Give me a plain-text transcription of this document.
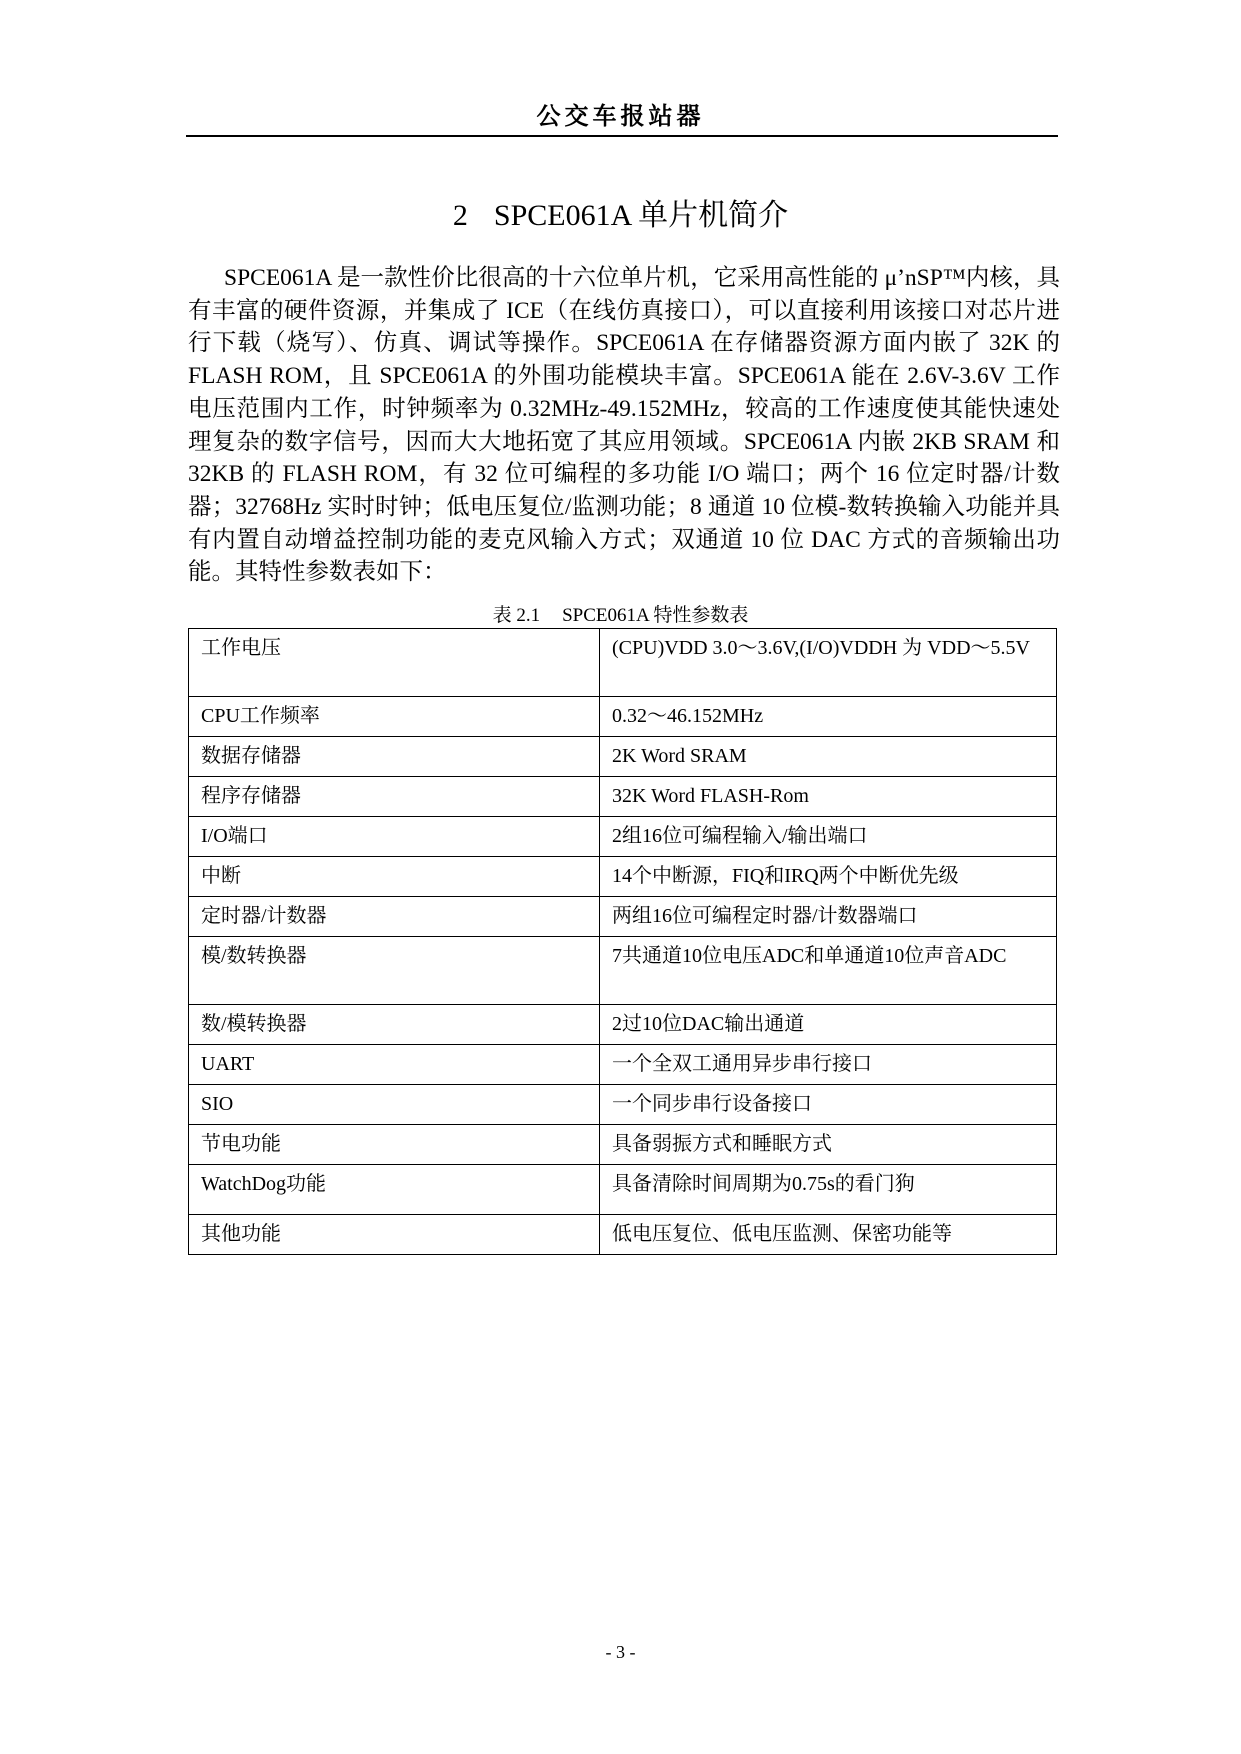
公交车报站器
2 SPCE061A 单片机简介
SPCE061A 是一款性价比很高的十六位单片机，它采用高性能的 μ’nSP™内核，具有丰富的硬件资源，并集成了 ICE（在线仿真接口），可以直接利用该接口对芯片进行下载（烧写）、仿真、调试等操作。SPCE061A 在存储器资源方面内嵌了 32K 的 FLASH ROM，且 SPCE061A 的外围功能模块丰富。SPCE061A 能在 2.6V-3.6V 工作电压范围内工作，时钟频率为 0.32MHz-49.152MHz，较高的工作速度使其能快速处理复杂的数字信号，因而大大地拓宽了其应用领域。SPCE061A 内嵌 2KB SRAM 和 32KB 的 FLASH ROM，有 32 位可编程的多功能 I/O 端口；两个 16 位定时器/计数器；32768Hz 实时时钟；低电压复位/监测功能；8 通道 10 位模-数转换输入功能并具有内置自动增益控制功能的麦克风输入方式；双通道 10 位 DAC 方式的音频输出功能。其特性参数表如下：
表 2.1 SPCE061A 特性参数表
工作电压	(CPU)VDD 3.0～3.6V,(I/O)VDDH 为 VDD～5.5V
CPU工作频率	0.32～46.152MHz
数据存储器	2K Word SRAM
程序存储器	32K Word FLASH-Rom
I/O端口	2组16位可编程输入/输出端口
中断	14个中断源，FIQ和IRQ两个中断优先级
定时器/计数器	两组16位可编程定时器/计数器端口
模/数转换器	7共通道10位电压ADC和单通道10位声音ADC
数/模转换器	2过10位DAC输出通道
UART	一个全双工通用异步串行接口
SIO	一个同步串行设备接口
节电功能	具备弱振方式和睡眠方式
WatchDog功能	具备清除时间周期为0.75s的看门狗
其他功能	低电压复位、低电压监测、保密功能等
- 3 -
